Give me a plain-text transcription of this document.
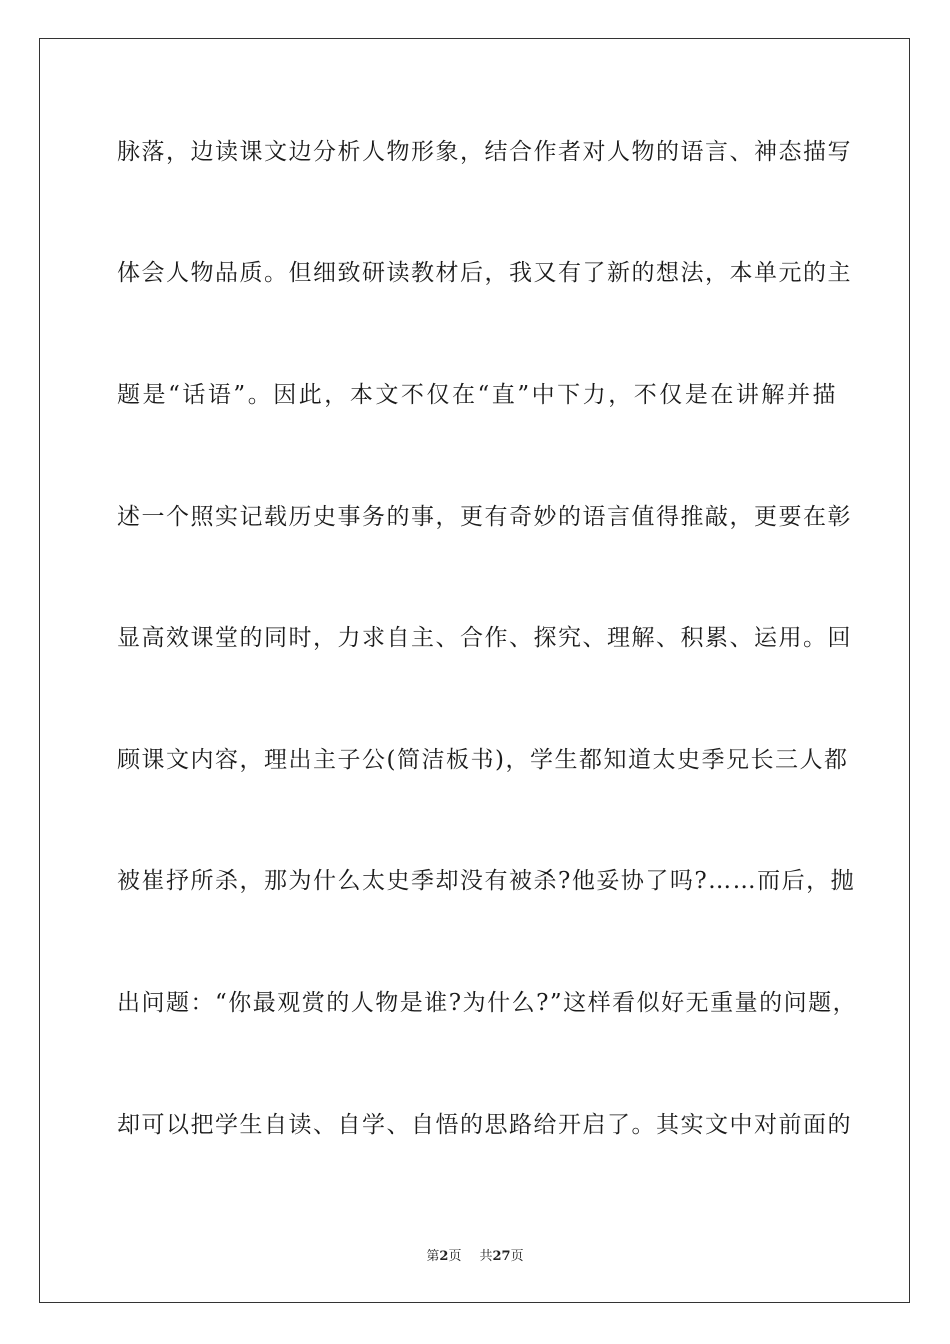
脉落，边读课文边分析人物形象，结合作者对人物的语言、神态描写
体会人物品质。但细致研读教材后，我又有了新的想法，本单元的主
题是“话语”。因此，本文不仅在“直”中下力，不仅是在讲解并描
述一个照实记载历史事务的事，更有奇妙的语言值得推敲，更要在彰
显高效课堂的同时，力求自主、合作、探究、理解、积累、运用。回
顾课文内容，理出主子公(简洁板书)，学生都知道太史季兄长三人都
被崔抒所杀，那为什么太史季却没有被杀?他妥协了吗?……而后，抛
出问题：“你最观赏的人物是谁?为什么?”这样看似好无重量的问题，
却可以把学生自读、自学、自悟的思路给开启了。其实文中对前面的
第2页 共27页
